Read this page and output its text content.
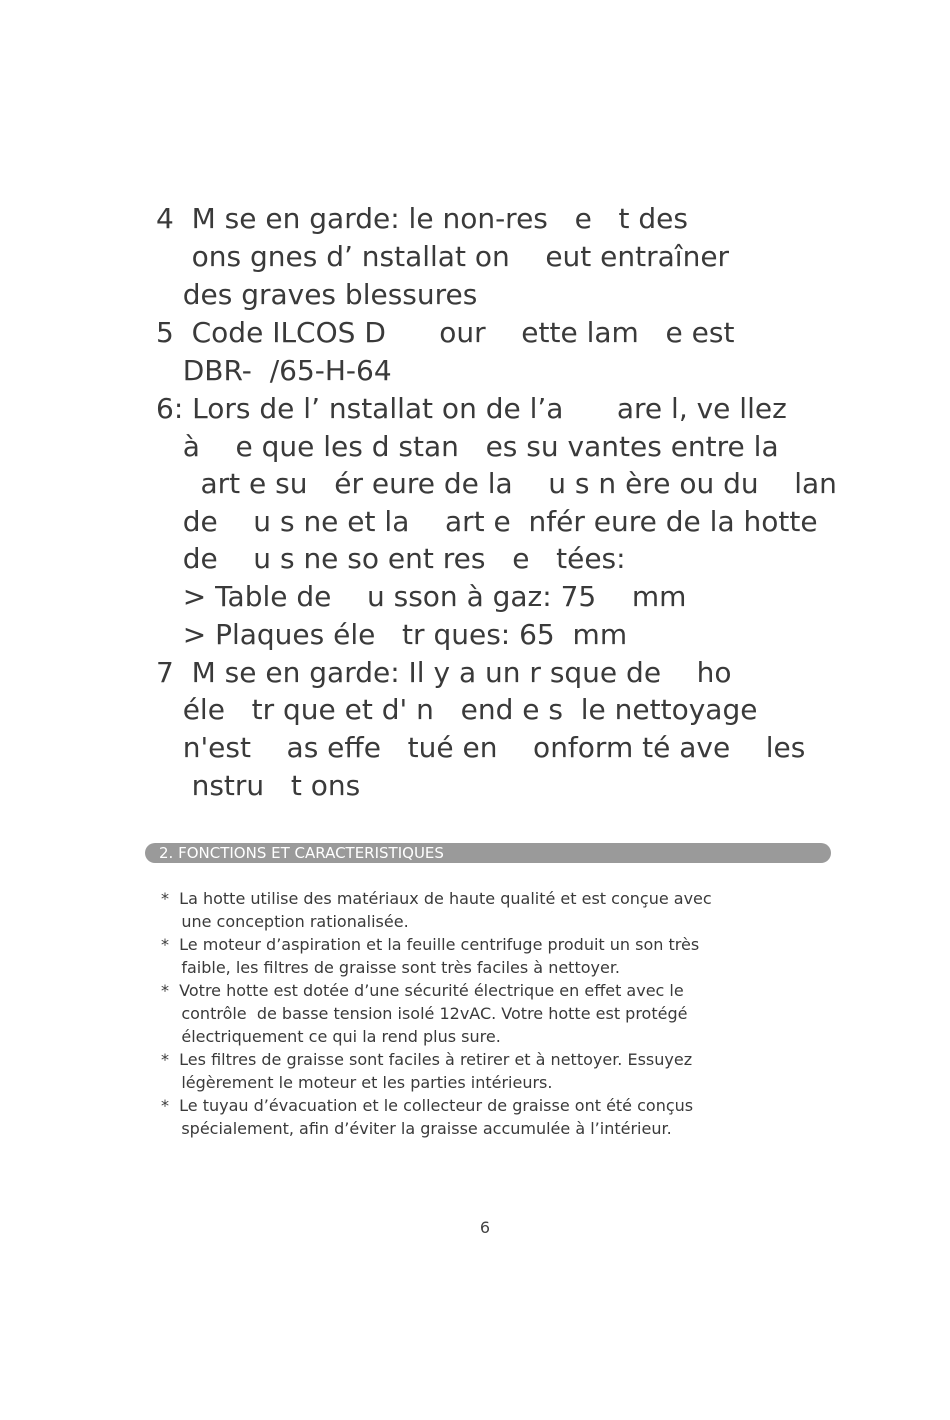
4  M se en garde: le non-res   e   t des
ons gnes d’ nstallat on    eut entraîner
des graves blessures
5  Code ILCOS D      our    ette lam   e est
DBR-  /65-H-64
6: Lors de l’ nstallat on de l’a      are l, ve llez
à    e que les d stan   es su vantes entre la
art e su   ér eure de la    u s n ère ou du    lan
de    u s ne et la    art e  nfér eure de la hotte
de    u s ne so ent res   e   tées:
> Table de    u sson à gaz: 75    mm
> Plaques éle   tr ques: 65  mm
7  M se en garde: Il y a un r sque de    ho
éle   tr que et d' n   end e s  le nettoyage
n'est    as effe   tué en    onform té ave    les
nstru   t ons
2. FONCTIONS ET CARACTERISTIQUES
*  La hotte utilise des matériaux de haute qualité et est conçue avec
une conception rationalisée.
*  Le moteur d’aspiration et la feuille centrifuge produit un son très
faible, les filtres de graisse sont très faciles à nettoyer.
*  Votre hotte est dotée d’une sécurité électrique en effet avec le
contrôle  de basse tension isolé 12vAC. Votre hotte est protégé
électriquement ce qui la rend plus sure.
*  Les filtres de graisse sont faciles à retirer et à nettoyer. Essuyez
légèrement le moteur et les parties intérieurs.
*  Le tuyau d’évacuation et le collecteur de graisse ont été conçus
spécialement, afin d’éviter la graisse accumulée à l’intérieur.
6
